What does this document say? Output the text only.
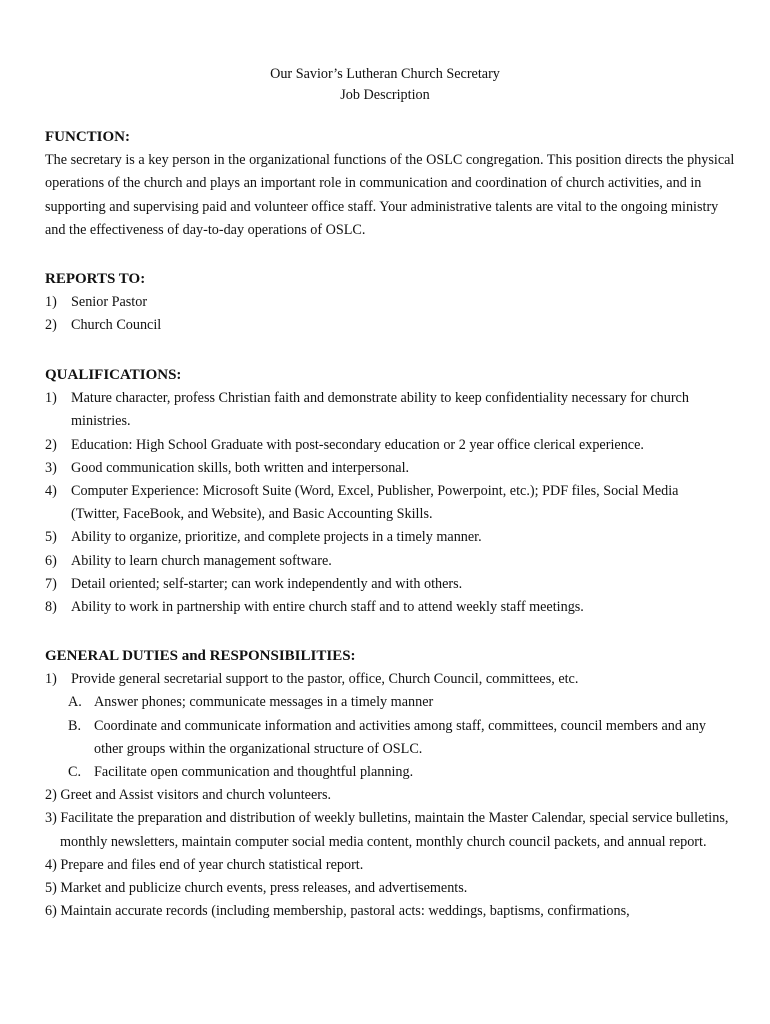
Our Savior’s Lutheran Church Secretary
Job Description
FUNCTION:
The secretary is a key person in the organizational functions of the OSLC congregation. This position directs the physical operations of the church and plays an important role in communication and coordination of church activities, and in supporting and supervising paid and volunteer office staff. Your administrative talents are vital to the ongoing ministry and the effectiveness of day-to-day operations of OSLC.
REPORTS TO:
1) Senior Pastor
2) Church Council
QUALIFICATIONS:
1) Mature character, profess Christian faith and demonstrate ability to keep confidentiality necessary for church ministries.
2) Education: High School Graduate with post-secondary education or 2 year office clerical experience.
3) Good communication skills, both written and interpersonal.
4) Computer Experience: Microsoft Suite (Word, Excel, Publisher, Powerpoint, etc.); PDF files, Social Media (Twitter, FaceBook, and Website), and Basic Accounting Skills.
5) Ability to organize, prioritize, and complete projects in a timely manner.
6) Ability to learn church management software.
7) Detail oriented; self-starter; can work independently and with others.
8) Ability to work in partnership with entire church staff and to attend weekly staff meetings.
GENERAL DUTIES and RESPONSIBILITIES:
1) Provide general secretarial support to the pastor, office, Church Council, committees, etc.
A. Answer phones; communicate messages in a timely manner
B. Coordinate and communicate information and activities among staff, committees, council members and any other groups within the organizational structure of OSLC.
C. Facilitate open communication and thoughtful planning.
2) Greet and Assist visitors and church volunteers.
3) Facilitate the preparation and distribution of weekly bulletins, maintain the Master Calendar, special service bulletins, monthly newsletters, maintain computer social media content, monthly church council packets, and annual report.
4) Prepare and files end of year church statistical report.
5) Market and publicize church events, press releases, and advertisements.
6) Maintain accurate records (including membership, pastoral acts: weddings, baptisms, confirmations,
